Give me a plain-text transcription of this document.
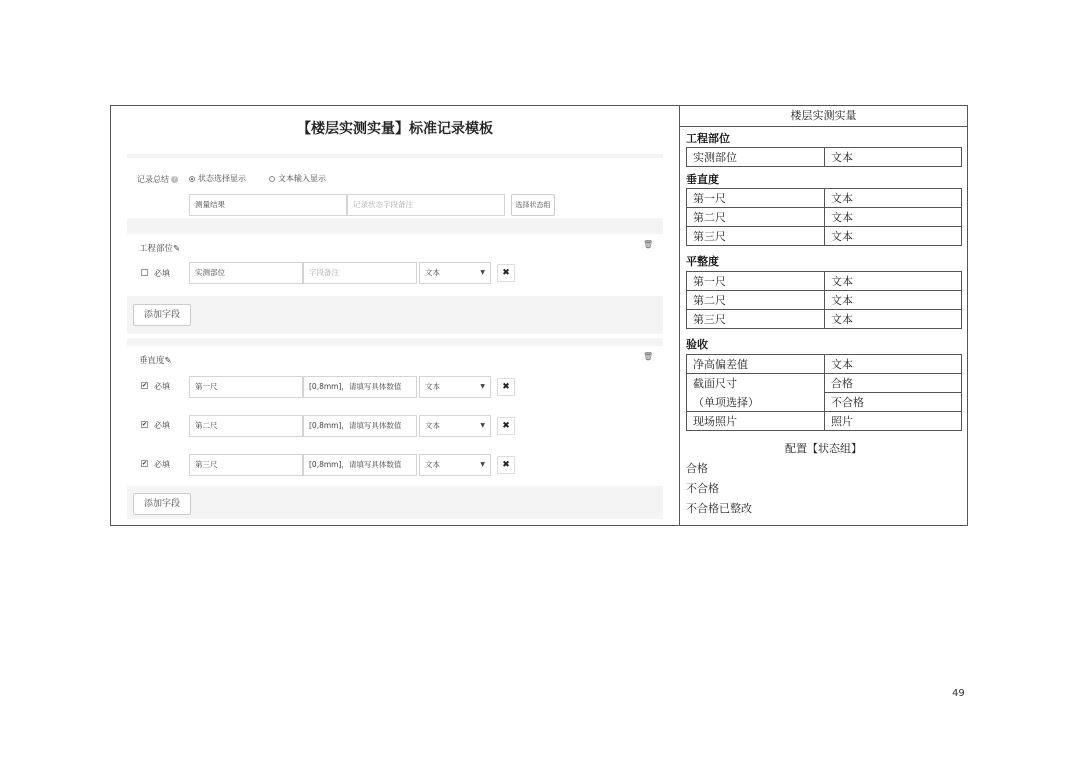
【楼层实测实量】标准记录模板
记录总结 ?	状态选择显示	文本输入显示
测量结果	记录状态字段备注	选择状态组
工程部位✎	🗑
必填	实测部位	字段备注	文本	▼	✖
添加字段
垂直度✎	🗑
✔ 必填	第一尺	[0,8mm]，请填写具体数值	文本	▼	✖
✔ 必填	第二尺	[0,8mm]，请填写具体数值	文本	▼	✖
✔ 必填	第三尺	[0,8mm]，请填写具体数值	文本	▼	✖
添加字段
楼层实测实量
工程部位
实测部位	文本
垂直度
第一尺	文本
第二尺	文本
第三尺	文本
平整度
第一尺	文本
第二尺	文本
第三尺	文本
验收
净高偏差值	文本
截面尺寸	合格
（单项选择）	不合格
现场照片	照片
配置【状态组】
合格
不合格
不合格已整改
49
